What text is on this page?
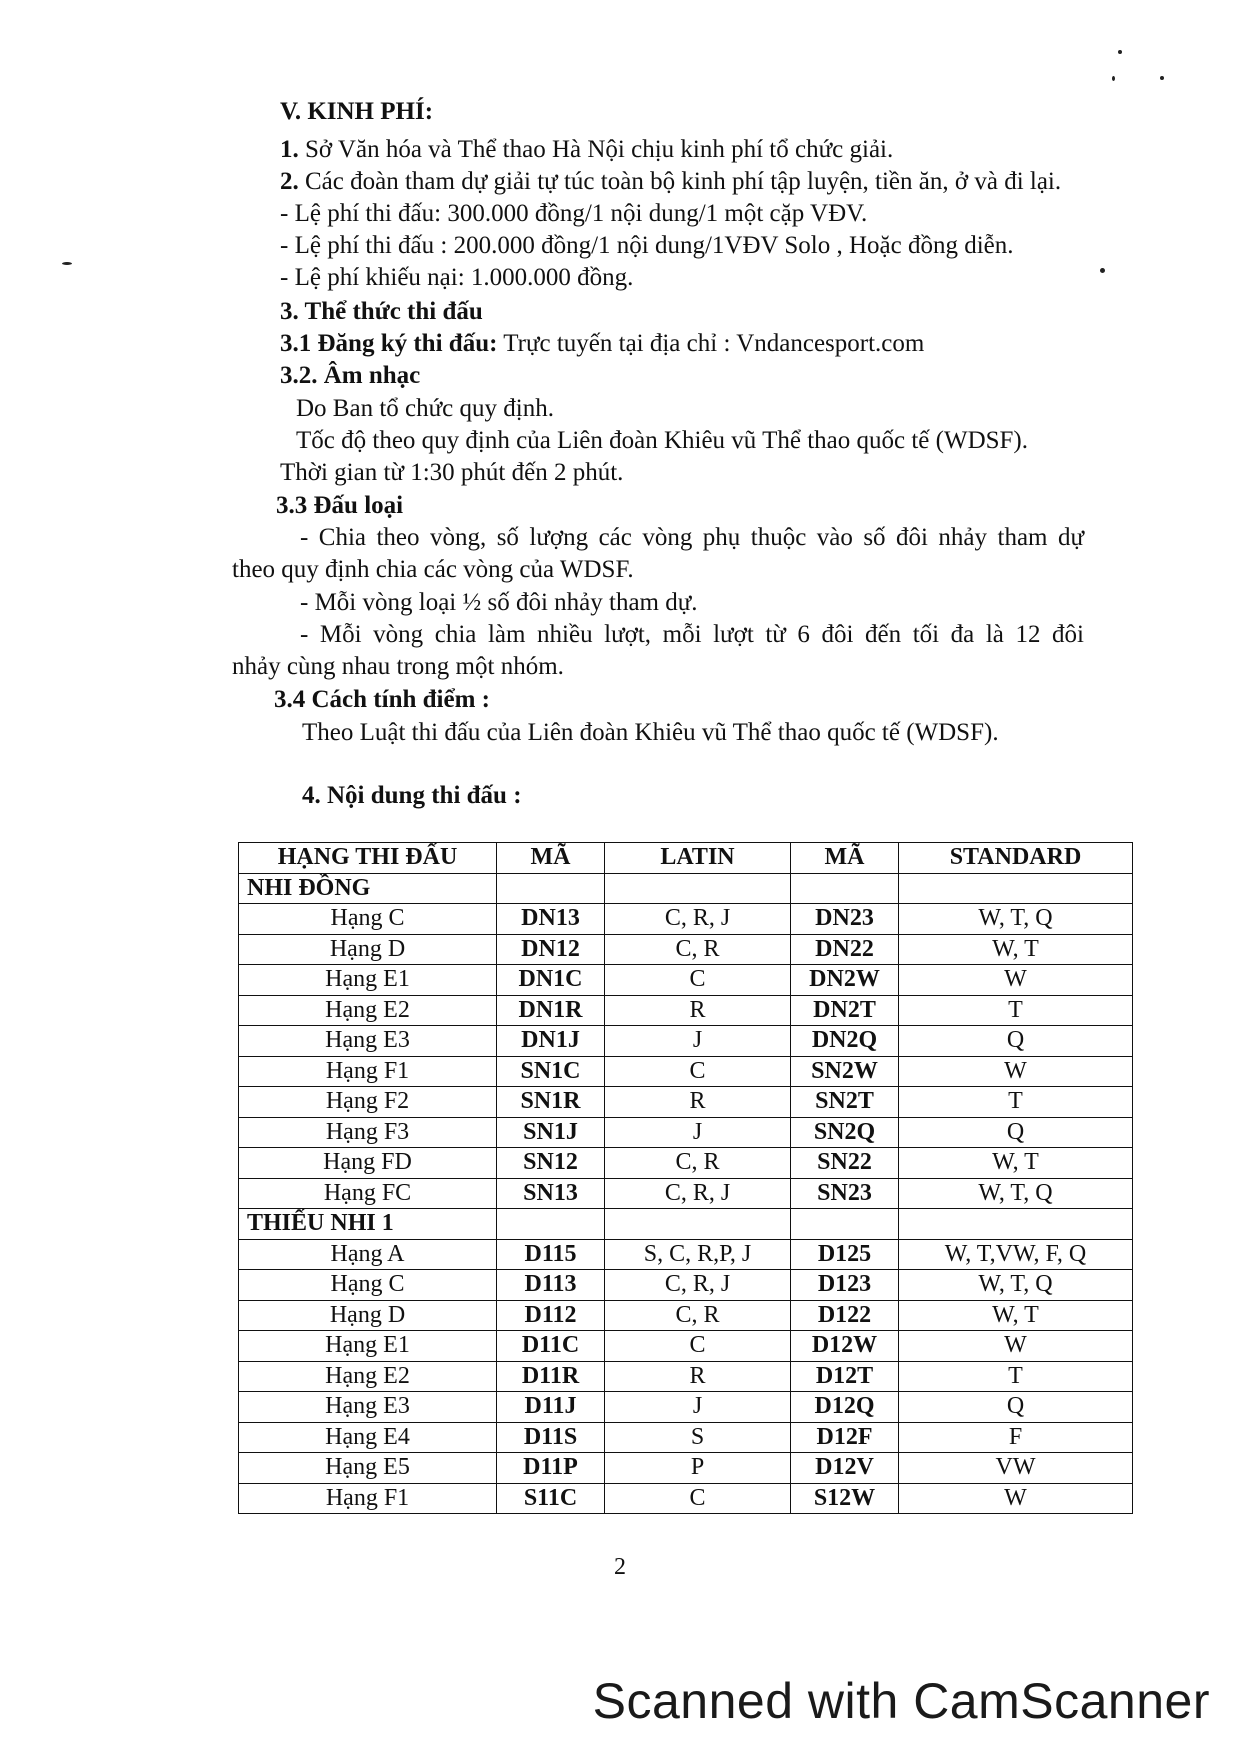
V. KINH PHÍ:
1. Sở Văn hóa và Thể thao Hà Nội chịu kinh phí tổ chức giải.
2. Các đoàn tham dự giải tự túc toàn bộ kinh phí tập luyện, tiền ăn, ở và đi lại.
- Lệ phí thi đấu: 300.000 đồng/1 nội dung/1 một cặp VĐV.
- Lệ phí thi đấu : 200.000 đồng/1 nội dung/1VĐV Solo , Hoặc đồng diễn.
- Lệ phí khiếu nại: 1.000.000 đồng.
3. Thể thức thi đấu
3.1 Đăng ký thi đấu: Trực tuyến tại địa chỉ : Vndancesport.com
3.2. Âm nhạc
Do Ban tổ chức quy định.
Tốc độ theo quy định của Liên đoàn Khiêu vũ Thể thao quốc tế (WDSF).
Thời gian từ 1:30 phút đến 2 phút.
3.3 Đấu loại
- Chia theo vòng, số lượng các vòng phụ thuộc vào số đôi nhảy tham dự
theo quy định chia các vòng của WDSF.
- Mỗi vòng loại ½ số đôi nhảy tham dự.
- Mỗi vòng chia làm nhiều lượt, mỗi lượt từ 6 đôi đến tối đa là 12 đôi
nhảy cùng nhau trong một nhóm.
3.4 Cách tính điểm :
Theo Luật thi đấu của Liên đoàn Khiêu vũ Thể thao quốc tế (WDSF).
4. Nội dung thi đấu :
HẠNG THI ĐẤU	MÃ	LATIN	MÃ	STANDARD
NHI ĐỒNG				
Hạng C	DN13	C, R, J	DN23	W, T, Q
Hạng D	DN12	C, R	DN22	W, T
Hạng E1	DN1C	C	DN2W	W
Hạng E2	DN1R	R	DN2T	T
Hạng E3	DN1J	J	DN2Q	Q
Hạng F1	SN1C	C	SN2W	W
Hạng F2	SN1R	R	SN2T	T
Hạng F3	SN1J	J	SN2Q	Q
Hạng FD	SN12	C, R	SN22	W, T
Hạng FC	SN13	C, R, J	SN23	W, T, Q
THIẾU NHI 1				
Hạng A	D115	S, C, R,P, J	D125	W, T,VW, F, Q
Hạng C	D113	C, R, J	D123	W, T, Q
Hạng D	D112	C, R	D122	W, T
Hạng E1	D11C	C	D12W	W
Hạng E2	D11R	R	D12T	T
Hạng E3	D11J	J	D12Q	Q
Hạng E4	D11S	S	D12F	F
Hạng E5	D11P	P	D12V	VW
Hạng F1	S11C	C	S12W	W
2
Scanned with CamScanner
